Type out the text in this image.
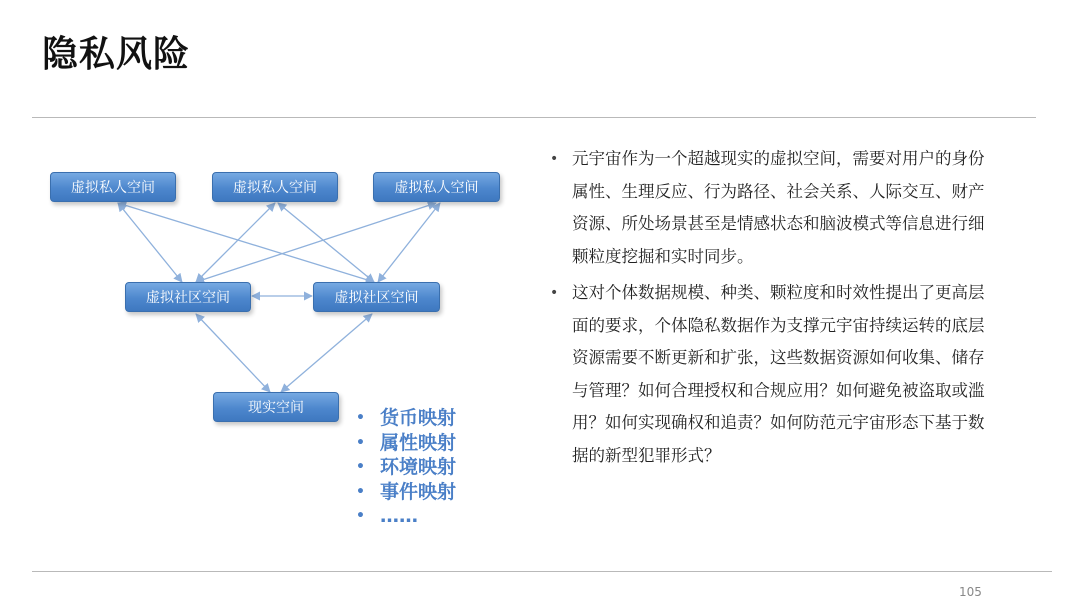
隐私风险
虚拟私人空间	虚拟私人空间	虚拟私人空间
虚拟社区空间	虚拟社区空间
现实空间
• 货币映射
• 属性映射
• 环境映射
• 事件映射
• ……
• 元宇宙作为一个超越现实的虚拟空间，需要对用户的身份属性、生理反应、行为路径、社会关系、人际交互、财产资源、所处场景甚至是情感状态和脑波模式等信息进行细颗粒度挖掘和实时同步。
• 这对个体数据规模、种类、颗粒度和时效性提出了更高层面的要求，个体隐私数据作为支撑元宇宙持续运转的底层资源需要不断更新和扩张，这些数据资源如何收集、储存与管理？如何合理授权和合规应用？如何避免被盗取或滥用？如何实现确权和追责？如何防范元宇宙形态下基于数据的新型犯罪形式？
105
